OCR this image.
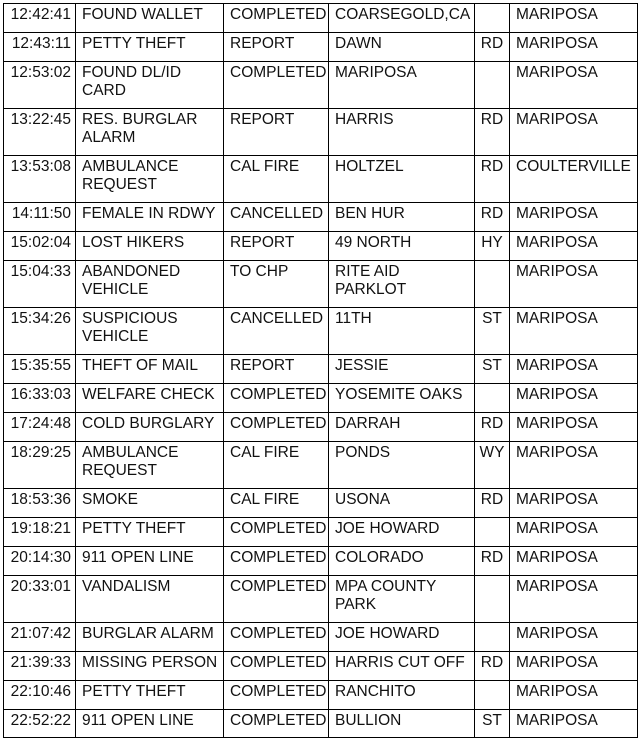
12:42:41	FOUND WALLET	COMPLETED	COARSEGOLD,CA		MARIPOSA
12:43:11	PETTY THEFT	REPORT	DAWN	RD	MARIPOSA
12:53:02	FOUND DL/ID CARD	COMPLETED	MARIPOSA		MARIPOSA
13:22:45	RES. BURGLAR ALARM	REPORT	HARRIS	RD	MARIPOSA
13:53:08	AMBULANCE REQUEST	CAL FIRE	HOLTZEL	RD	COULTERVILLE
14:11:50	FEMALE IN RDWY	CANCELLED	BEN HUR	RD	MARIPOSA
15:02:04	LOST HIKERS	REPORT	49 NORTH	HY	MARIPOSA
15:04:33	ABANDONED VEHICLE	TO CHP	RITE AID PARKLOT		MARIPOSA
15:34:26	SUSPICIOUS VEHICLE	CANCELLED	11TH	ST	MARIPOSA
15:35:55	THEFT OF MAIL	REPORT	JESSIE	ST	MARIPOSA
16:33:03	WELFARE CHECK	COMPLETED	YOSEMITE OAKS		MARIPOSA
17:24:48	COLD BURGLARY	COMPLETED	DARRAH	RD	MARIPOSA
18:29:25	AMBULANCE REQUEST	CAL FIRE	PONDS	WY	MARIPOSA
18:53:36	SMOKE	CAL FIRE	USONA	RD	MARIPOSA
19:18:21	PETTY THEFT	COMPLETED	JOE HOWARD		MARIPOSA
20:14:30	911 OPEN LINE	COMPLETED	COLORADO	RD	MARIPOSA
20:33:01	VANDALISM	COMPLETED	MPA COUNTY PARK		MARIPOSA
21:07:42	BURGLAR ALARM	COMPLETED	JOE HOWARD		MARIPOSA
21:39:33	MISSING PERSON	COMPLETED	HARRIS CUT OFF	RD	MARIPOSA
22:10:46	PETTY THEFT	COMPLETED	RANCHITO		MARIPOSA
22:52:22	911 OPEN LINE	COMPLETED	BULLION	ST	MARIPOSA
